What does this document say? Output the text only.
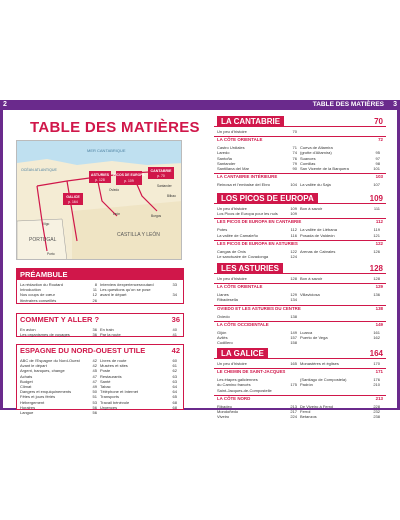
2	3
TABLE DES MATIÈRES
TABLE DES MATIÈRES
MER CANTABRIQUE
OCÉAN ATLANTIQUE
PORTUGAL
CASTILLA Y LEÓN
GALICE
p. 164
ASTURIES
p. 128
PICOS DE EUROPA
p. 109
CANTABRIE
p. 70
Oviedo
Santander
Bilbao
León	Burgos
Vigo
Porto
PRÉAMBULE
La rédaction du Routard	8
Introduction	11
Nos coups de cœur	12
Itinéraires conseillés	26
Interview #experiencesroutard	33
Les questions qu'on se pose
avant le départ	34
COMMENT Y ALLER ?	36
En avion	36
Les organismes de voyages	36
En train	40
Par la route	41
ESPAGNE DU NORD-OUEST UTILE	42
ABC de l'Espagne du Nord-Ouest	42
Avant le départ	42
Argent, banques, change	45
Achats	47
Budget	47
Climat	49
Dangers et enquiquinements	50
Fêtes et jours fériés	51
Hébergement	53
Horaires	56
Langue	56
Livres de route	60
Musées et sites	61
Poste	62
Restaurants	63
Santé	63
Tabac	64
Téléphone et Internet	64
Transports	65
Travail bénévole	68
Urgences	68
LA CANTABRIE	70
Un peu d'histoire	70
LA CÔTE ORIENTALE	72
Castro Urdiales	71
Laredo	74
Santoña	76
Santander	79
Santillana del Mar	90
Cueva de Altamira
(grotte d'Altamira)	95
Suances	97
Comillas	98
San Vicente de la Barquera	101
LA CANTABRIE INTÉRIEURE	103
Reinosa et l'embalse del Ebro	104 La vallée du Saja	107
LOS PICOS DE EUROPA	109
Un peu d'histoire	109
Los Picos de Europa pour les nuls	109
Bon à savoir	111
LES PICOS DE EUROPA EN CANTABRIE	112
Potes	112
La vallée de Camaleño	116
La vallée de Liébana	119
Posada de Valdeón	121
LES PICOS DE EUROPA EN ASTURIES	122
Cangas de Onís	122
Le sanctuaire de Covadonga	124
Arenas de Cabrales	126
LES ASTURIES	128
Un peu d'histoire	128 Bon à savoir	128
LA CÔTE ORIENTALE	129
Llanes	129
Ribadesella	134
Villaviciosa	136
OVIEDO ET LES ASTURIES DU CENTRE	138
Oviedo	138
LA CÔTE OCCIDENTALE	149
Gijón	149
Avilés	157
Cudillero	158
Luarca	161
Puerto de Vega	162
LA GALICE	164
Un peu d'histoire	165 Monastères et églises	170
LE CHEMIN DE SAINT-JACQUES	171
Les étapes galiciennes
du Camino francés	175
Saint-Jacques-de-Compostelle
(Santiago de Compostela)	176
Padrón	210
LA CÔTE NORD	213
Ribadeo	213
Mondoñedo	217
Viveiro	224
De Viveiro à Ferrol	228
Ferrol	232
Betanzos	238
